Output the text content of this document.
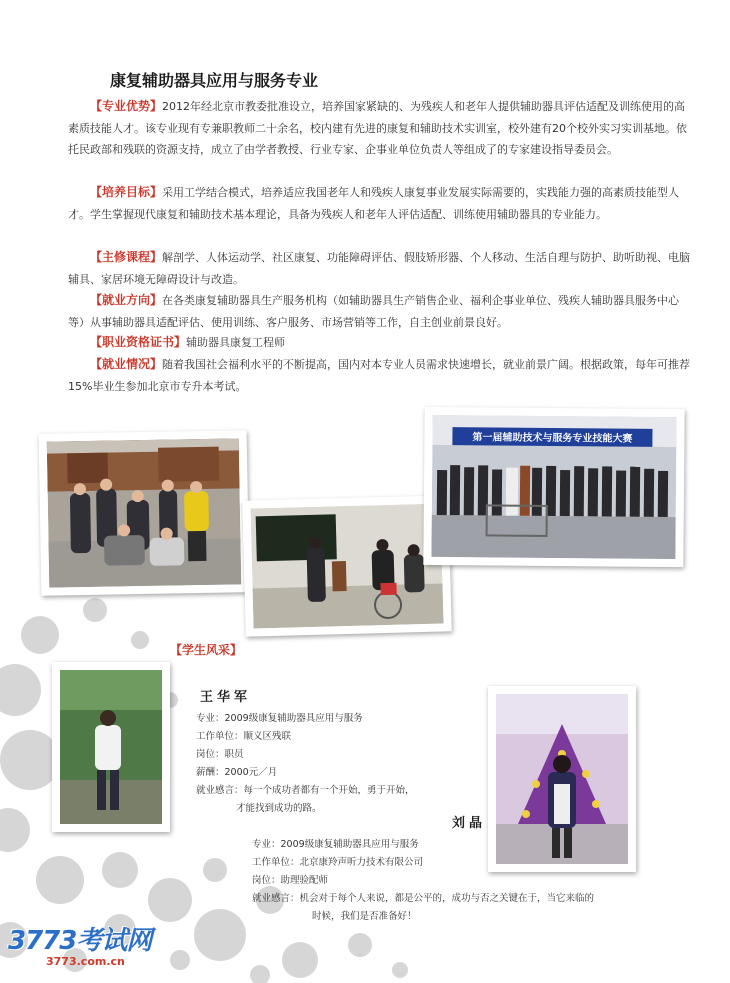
康复辅助器具应用与服务专业
【专业优势】2012年经北京市教委批准设立，培养国家紧缺的、为残疾人和老年人提供辅助器具评估适配及训练使用的高素质技能人才。该专业现有专兼职教师二十余名，校内建有先进的康复和辅助技术实训室，校外建有20个校外实习实训基地。依托民政部和残联的资源支持，成立了由学者教授、行业专家、企事业单位负责人等组成了的专家建设指导委员会。
【培养目标】采用工学结合模式，培养适应我国老年人和残疾人康复事业发展实际需要的，实践能力强的高素质技能型人才。学生掌握现代康复和辅助技术基本理论，具备为残疾人和老年人评估适配、训练使用辅助器具的专业能力。
【主修课程】解剖学、人体运动学、社区康复、功能障碍评估、假肢矫形器、个人移动、生活自理与防护、助听助视、电脑辅具、家居环境无障碍设计与改造。
【就业方向】在各类康复辅助器具生产服务机构（如辅助器具生产销售企业、福利企事业单位、残疾人辅助器具服务中心等）从事辅助器具适配评估、使用训练、客户服务、市场营销等工作，自主创业前景良好。
【职业资格证书】辅助器具康复工程师
【就业情况】随着我国社会福利水平的不断提高，国内对本专业人员需求快速增长，就业前景广阔。根据政策，每年可推荐15%毕业生参加北京市专升本考试。
第一届辅助技术与服务专业技能大赛
【学生风采】
王华军
专业：2009级康复辅助器具应用与服务
工作单位：顺义区残联
岗位：职员
薪酬：2000元／月
就业感言：每一个成功者都有一个开始，勇于开始，
才能找到成功的路。
刘晶
专业：2009级康复辅助器具应用与服务
工作单位：北京康羚声听力技术有限公司
岗位：助理验配师
就业感言：机会对于每个人来说，都是公平的，成功与否之关键在于，当它来临的
时候，我们是否准备好！
3773考试网
3773.com.cn
